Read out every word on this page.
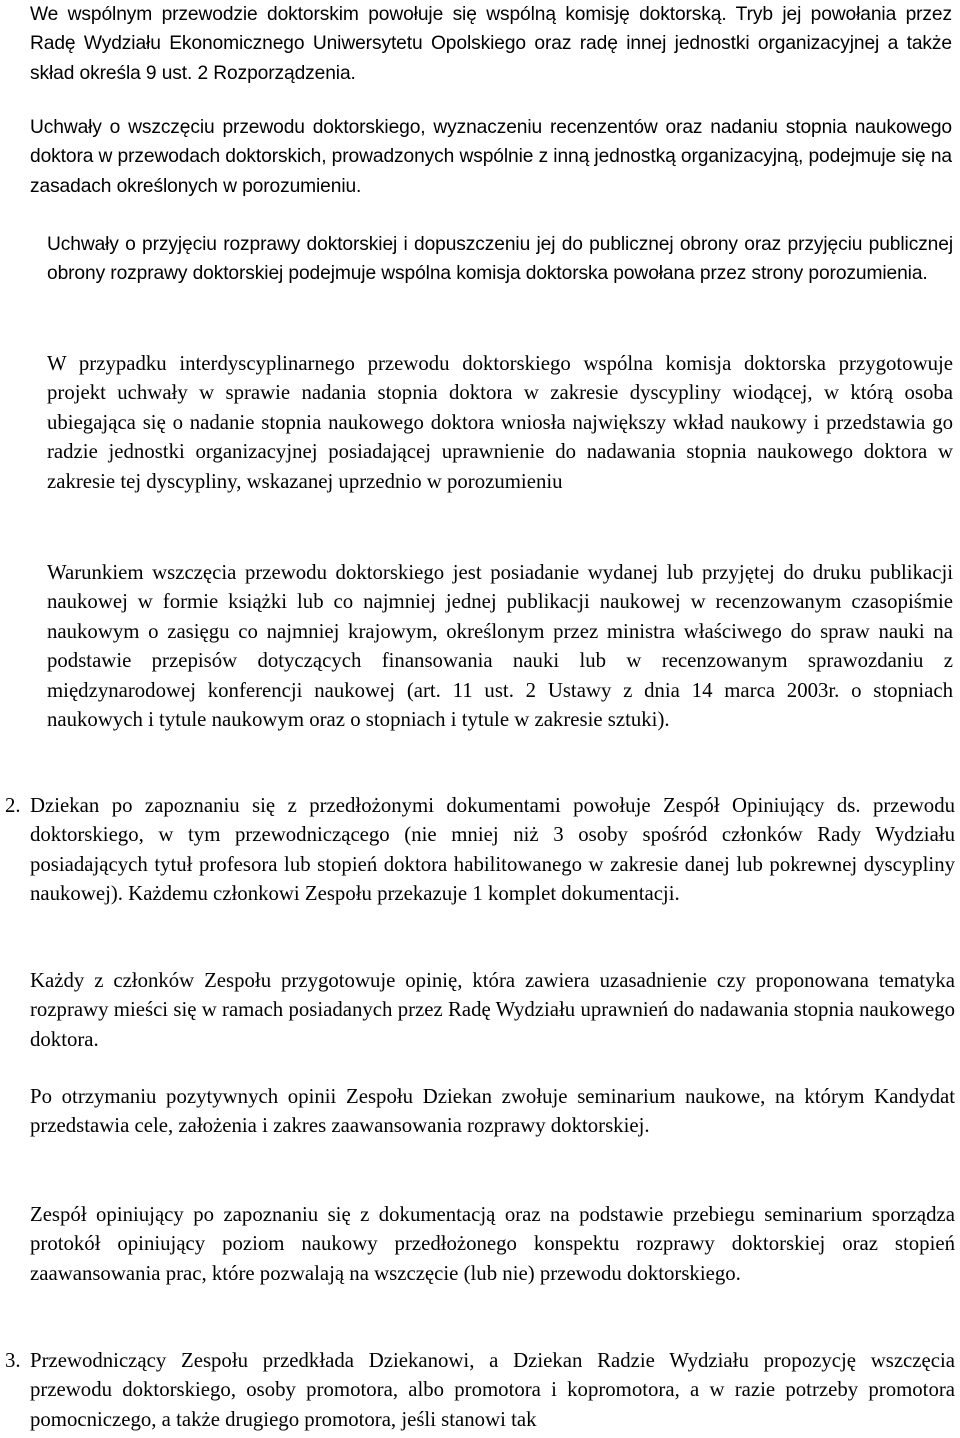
We wspólnym przewodzie doktorskim powołuje się wspólną komisję doktorską. Tryb jej powołania przez Radę Wydziału Ekonomicznego Uniwersytetu Opolskiego oraz radę innej jednostki organizacyjnej a także skład określa 9 ust. 2 Rozporządzenia.

Uchwały o wszczęciu przewodu doktorskiego, wyznaczeniu recenzentów oraz nadaniu stopnia naukowego doktora w przewodach doktorskich, prowadzonych wspólnie z inną jednostką organizacyjną, podejmuje się na zasadach określonych w porozumieniu.

Uchwały o przyjęciu rozprawy doktorskiej i dopuszczeniu jej do publicznej obrony oraz przyjęciu publicznej obrony rozprawy doktorskiej podejmuje wspólna komisja doktorska powołana przez strony porozumienia.

W przypadku interdyscyplinarnego przewodu doktorskiego wspólna komisja doktorska przygotowuje projekt uchwały w sprawie nadania stopnia doktora w zakresie dyscypliny wiodącej, w którą osoba ubiegająca się o nadanie stopnia naukowego doktora wniosła największy wkład naukowy i przedstawia go radzie jednostki organizacyjnej posiadającej uprawnienie do nadawania stopnia naukowego doktora w zakresie tej dyscypliny, wskazanej uprzednio w porozumieniu

Warunkiem wszczęcia przewodu doktorskiego jest posiadanie wydanej lub przyjętej do druku publikacji naukowej w formie książki lub co najmniej jednej publikacji naukowej w recenzowanym czasopiśmie naukowym o zasięgu co najmniej krajowym, określonym przez ministra właściwego do spraw nauki na podstawie przepisów dotyczących finansowania nauki lub w recenzowanym sprawozdaniu z międzynarodowej konferencji naukowej (art. 11 ust. 2 Ustawy z dnia 14 marca 2003r. o stopniach naukowych i tytule naukowym oraz o stopniach i tytule w zakresie sztuki).

2. Dziekan po zapoznaniu się z przedłożonymi dokumentami powołuje Zespół Opiniujący ds. przewodu doktorskiego, w tym przewodniczącego (nie mniej niż 3 osoby spośród członków Rady Wydziału posiadających tytuł profesora lub stopień doktora habilitowanego w zakresie danej lub pokrewnej dyscypliny naukowej). Każdemu członkowi Zespołu przekazuje 1 komplet dokumentacji.

Każdy z członków Zespołu przygotowuje opinię, która zawiera uzasadnienie czy proponowana tematyka rozprawy mieści się w ramach posiadanych przez Radę Wydziału uprawnień do nadawania stopnia naukowego doktora.

Po otrzymaniu pozytywnych opinii Zespołu Dziekan zwołuje seminarium naukowe, na którym Kandydat przedstawia cele, założenia i zakres zaawansowania rozprawy doktorskiej.

Zespół opiniujący po zapoznaniu się z dokumentacją oraz na podstawie przebiegu seminarium sporządza protokół opiniujący poziom naukowy przedłożonego konspektu rozprawy doktorskiej oraz stopień zaawansowania prac, które pozwalają na wszczęcie (lub nie) przewodu doktorskiego.

3. Przewodniczący Zespołu przedkłada Dziekanowi, a Dziekan Radzie Wydziału propozycję wszczęcia przewodu doktorskiego, osoby promotora, albo promotora i kopromotora, a w razie potrzeby promotora pomocniczego, a także drugiego promotora, jeśli stanowi tak
